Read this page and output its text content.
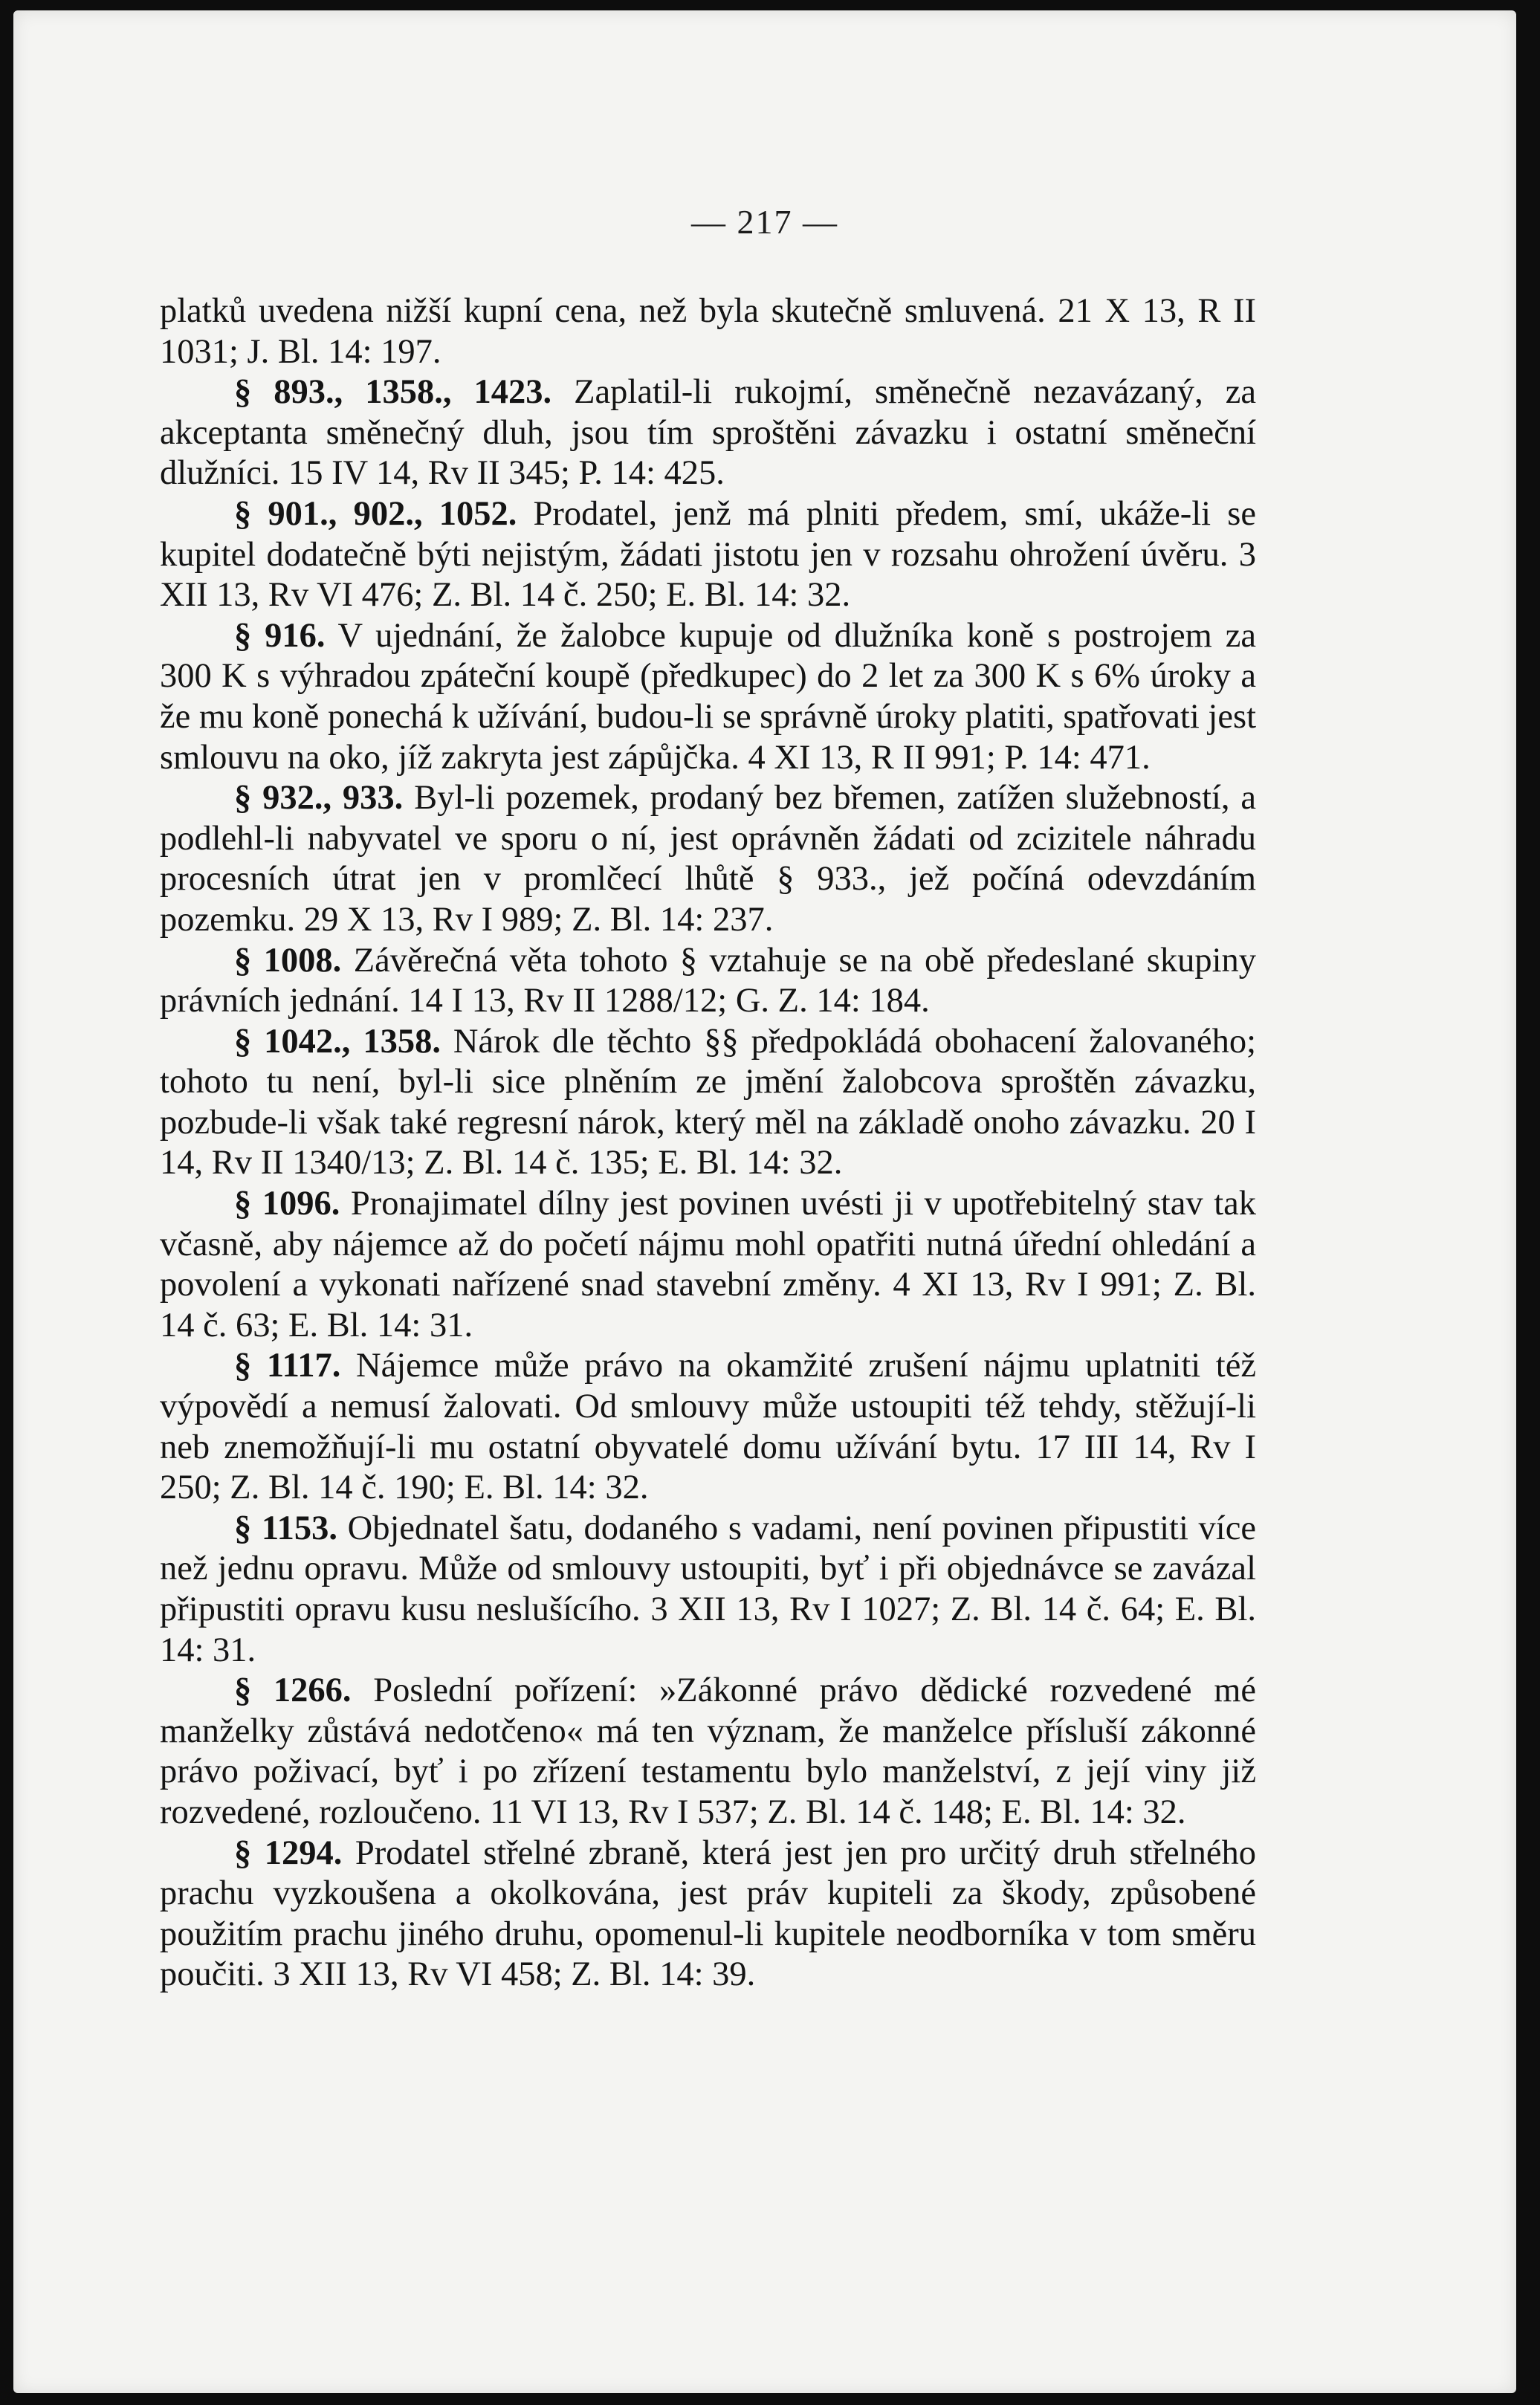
— 217 —

platků uvedena nižší kupní cena, než byla skutečně smluvená. 21 X 13, R II 1031; J. Bl. 14: 197.

§ 893., 1358., 1423. Zaplatil-li rukojmí, směnečně nezavázaný, za akceptanta směnečný dluh, jsou tím sproštěni závazku i ostatní směneční dlužníci. 15 IV 14, Rv II 345; P. 14: 425.

§ 901., 902., 1052. Prodatel, jenž má plniti předem, smí, ukáže-li se kupitel dodatečně býti nejistým, žádati jistotu jen v rozsahu ohrožení úvěru. 3 XII 13, Rv VI 476; Z. Bl. 14 č. 250; E. Bl. 14: 32.

§ 916. V ujednání, že žalobce kupuje od dlužníka koně s postrojem za 300 K s výhradou zpáteční koupě (předkupec) do 2 let za 300 K s 6% úroky a že mu koně ponechá k užívání, budou-li se správně úroky platiti, spatřovati jest smlouvu na oko, jíž zakryta jest zápůjčka. 4 XI 13, R II 991; P. 14: 471.

§ 932., 933. Byl-li pozemek, prodaný bez břemen, zatížen služebností, a podlehl-li nabyvatel ve sporu o ní, jest oprávněn žádati od zcizitele náhradu procesních útrat jen v promlčecí lhůtě § 933., jež počíná odevzdáním pozemku. 29 X 13, Rv I 989; Z. Bl. 14: 237.

§ 1008. Závěrečná věta tohoto § vztahuje se na obě předeslané skupiny právních jednání. 14 I 13, Rv II 1288/12; G. Z. 14: 184.

§ 1042., 1358. Nárok dle těchto §§ předpokládá obohacení žalovaného; tohoto tu není, byl-li sice plněním ze jmění žalobcova sproštěn závazku, pozbude-li však také regresní nárok, který měl na základě onoho závazku. 20 I 14, Rv II 1340/13; Z. Bl. 14 č. 135; E. Bl. 14: 32.

§ 1096. Pronajimatel dílny jest povinen uvésti ji v upotřebitelný stav tak včasně, aby nájemce až do početí nájmu mohl opatřiti nutná úřední ohledání a povolení a vykonati nařízené snad stavební změny. 4 XI 13, Rv I 991; Z. Bl. 14 č. 63; E. Bl. 14: 31.

§ 1117. Nájemce může právo na okamžité zrušení nájmu uplatniti též výpovědí a nemusí žalovati. Od smlouvy může ustoupiti též tehdy, stěžují-li neb znemožňují-li mu ostatní obyvatelé domu užívání bytu. 17 III 14, Rv I 250; Z. Bl. 14 č. 190; E. Bl. 14: 32.

§ 1153. Objednatel šatu, dodaného s vadami, není povinen připustiti více než jednu opravu. Může od smlouvy ustoupiti, byť i při objednávce se zavázal připustiti opravu kusu neslušícího. 3 XII 13, Rv I 1027; Z. Bl. 14 č. 64; E. Bl. 14: 31.

§ 1266. Poslední pořízení: »Zákonné právo dědické rozvedené mé manželky zůstává nedotčeno« má ten význam, že manželce přísluší zákonné právo poživací, byť i po zřízení testamentu bylo manželství, z její viny již rozvedené, rozloučeno. 11 VI 13, Rv I 537; Z. Bl. 14 č. 148; E. Bl. 14: 32.

§ 1294. Prodatel střelné zbraně, která jest jen pro určitý druh střelného prachu vyzkoušena a okolkována, jest práv kupiteli za škody, způsobené použitím prachu jiného druhu, opomenul-li kupitele neodborníka v tom směru poučiti. 3 XII 13, Rv VI 458; Z. Bl. 14: 39.
